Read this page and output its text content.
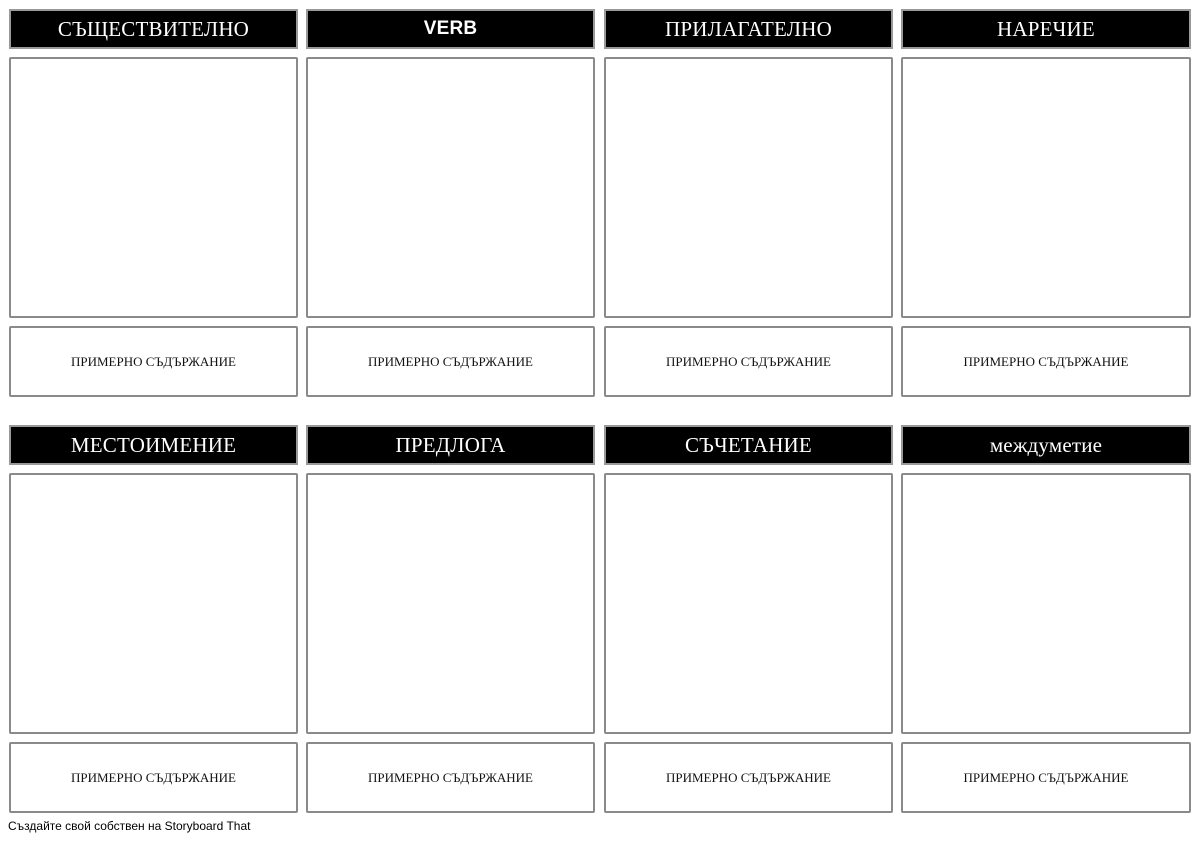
СЪЩЕСТВИТЕЛНО	VERB	ПРИЛАГАТЕЛНО	НАРЕЧИЕ
ПРИМЕРНО СЪДЪРЖАНИЕ	ПРИМЕРНО СЪДЪРЖАНИЕ	ПРИМЕРНО СЪДЪРЖАНИЕ	ПРИМЕРНО СЪДЪРЖАНИЕ
МЕСТОИМЕНИЕ	ПРЕДЛОГА	СЪЧЕТАНИЕ	междуметие
ПРИМЕРНО СЪДЪРЖАНИЕ	ПРИМЕРНО СЪДЪРЖАНИЕ	ПРИМЕРНО СЪДЪРЖАНИЕ	ПРИМЕРНО СЪДЪРЖАНИЕ
Създайте свой собствен на Storyboard That
